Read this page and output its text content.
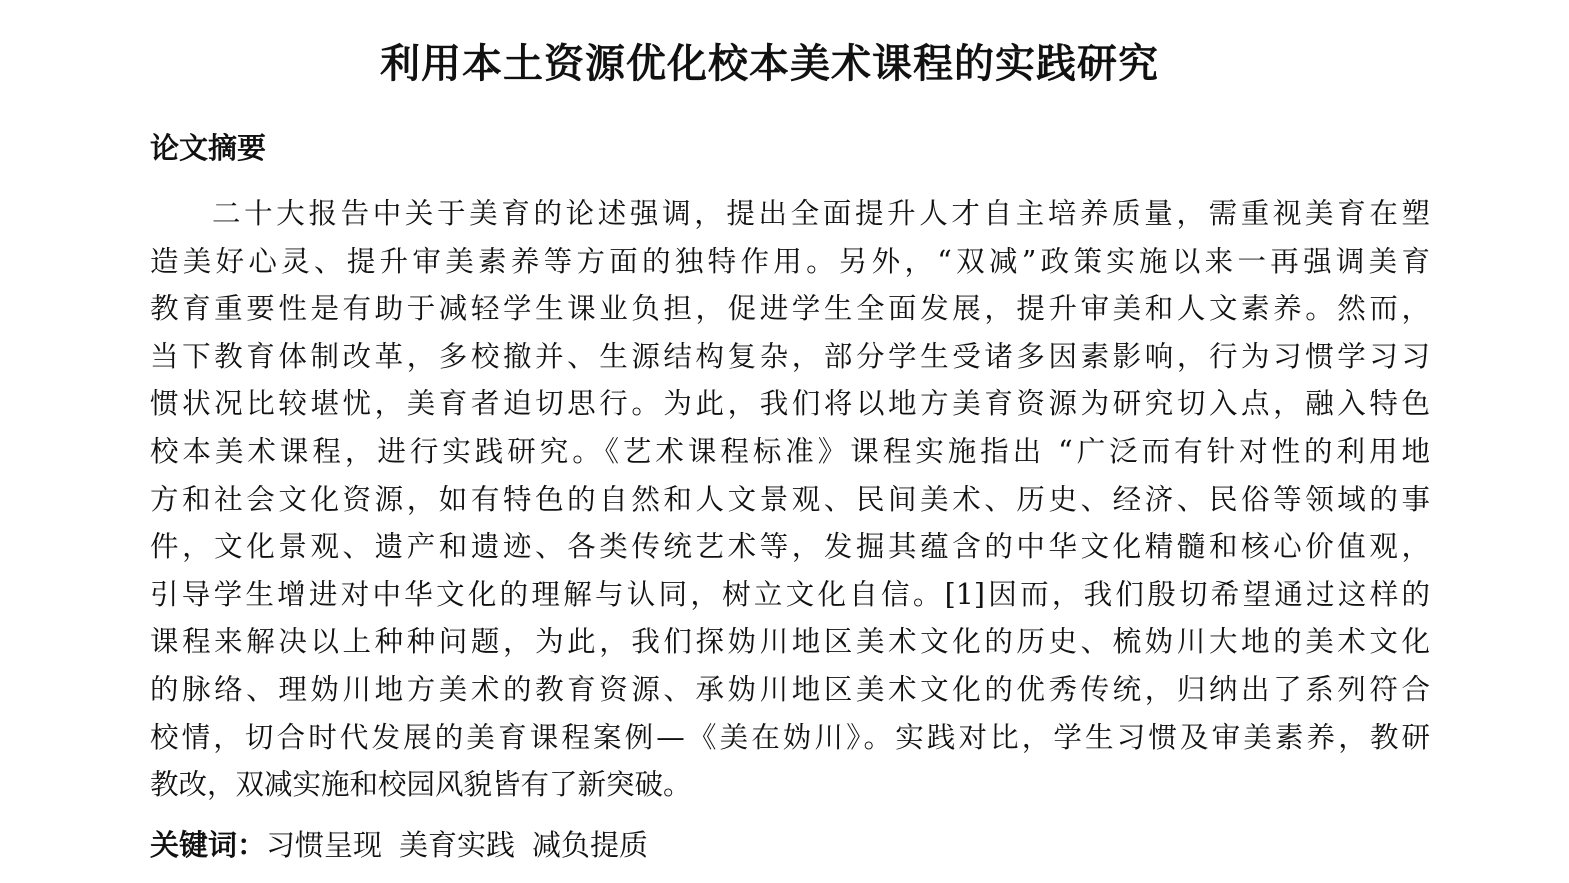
利用本土资源优化校本美术课程的实践研究
论文摘要
二十大报告中关于美育的论述强调，提出全面提升人才自主培养质量，需重视美育在塑
造美好心灵、提升审美素养等方面的独特作用。另外，“双减”政策实施以来一再强调美育
教育重要性是有助于减轻学生课业负担，促进学生全面发展，提升审美和人文素养。然而，
当下教育体制改革，多校撤并、生源结构复杂，部分学生受诸多因素影响，行为习惯学习习
惯状况比较堪忧，美育者迫切思行。为此，我们将以地方美育资源为研究切入点，融入特色
校本美术课程，进行实践研究。《艺术课程标准》课程实施指出 “广泛而有针对性的利用地
方和社会文化资源，如有特色的自然和人文景观、民间美术、历史、经济、民俗等领域的事
件，文化景观、遗产和遗迹、各类传统艺术等，发掘其蕴含的中华文化精髓和核心价值观，
引导学生增进对中华文化的理解与认同，树立文化自信。[1]因而，我们殷切希望通过这样的
课程来解决以上种种问题，为此，我们探妫川地区美术文化的历史、梳妫川大地的美术文化
的脉络、理妫川地方美术的教育资源、承妫川地区美术文化的优秀传统，归纳出了系列符合
校情，切合时代发展的美育课程案例—《美在妫川》。实践对比，学生习惯及审美素养，教研
教改，双减实施和校园风貌皆有了新突破。
关键词：习惯呈现 美育实践 减负提质
